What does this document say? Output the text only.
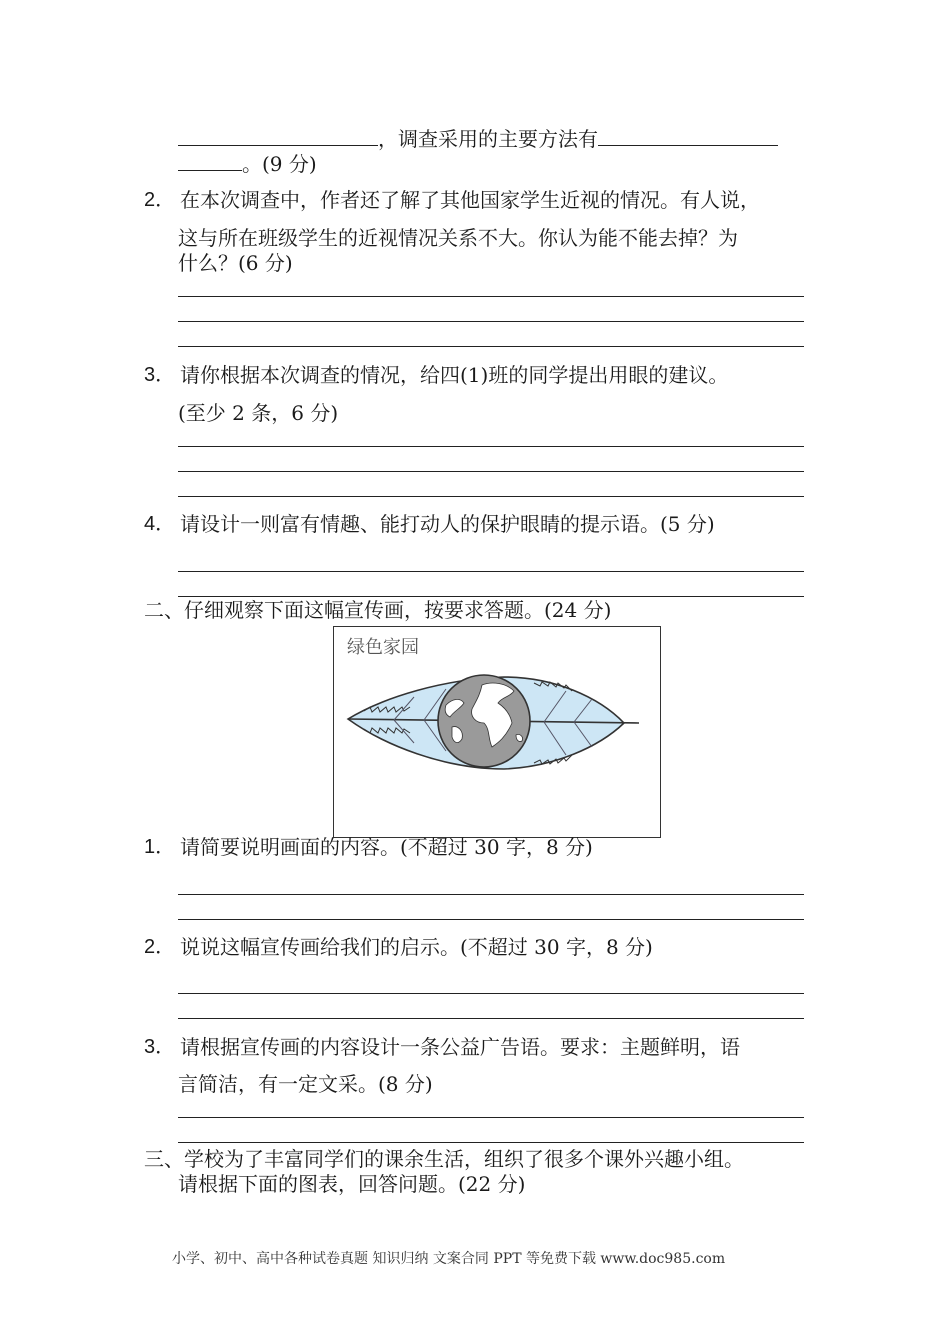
，调查采用的主要方法有
。(9 分)
2． 在本次调查中，作者还了解了其他国家学生近视的情况。有人说，
这与所在班级学生的近视情况关系不大。你认为能不能去掉？为
什么？(6 分)
3． 请你根据本次调查的情况，给四(1)班的同学提出用眼的建议。
(至少 2 条，6 分)
4． 请设计一则富有情趣、能打动人的保护眼睛的提示语。(5 分)
二、仔细观察下面这幅宣传画，按要求答题。(24 分)
绿色家园
1． 请简要说明画面的内容。(不超过 30 字，8 分)
2． 说说这幅宣传画给我们的启示。(不超过 30 字，8 分)
3． 请根据宣传画的内容设计一条公益广告语。要求：主题鲜明，语
言简洁，有一定文采。(8 分)
三、学校为了丰富同学们的课余生活，组织了很多个课外兴趣小组。
请根据下面的图表，回答问题。(22 分)
小学、初中、高中各种试卷真题 知识归纳 文案合同 PPT 等免费下载 www.doc985.com
